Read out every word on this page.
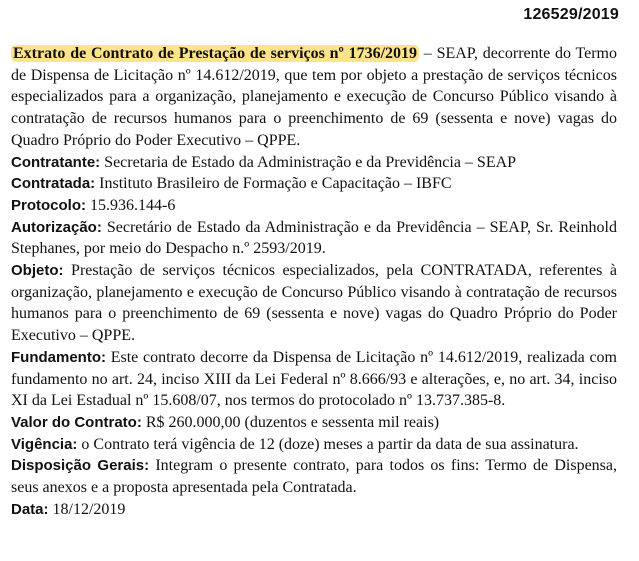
126529/2019

Extrato de Contrato de Prestação de serviços nº 1736/2019 – SEAP, decorrente do Termo de Dispensa de Licitação nº 14.612/2019, que tem por objeto a prestação de serviços técnicos especializados para a organização, planejamento e execução de Concurso Público visando à contratação de recursos humanos para o preenchimento de 69 (sessenta e nove) vagas do Quadro Próprio do Poder Executivo – QPPE.

Contratante: Secretaria de Estado da Administração e da Previdência – SEAP

Contratada: Instituto Brasileiro de Formação e Capacitação – IBFC

Protocolo: 15.936.144-6

Autorização: Secretário de Estado da Administração e da Previdência – SEAP, Sr. Reinhold Stephanes, por meio do Despacho n.º 2593/2019.

Objeto: Prestação de serviços técnicos especializados, pela CONTRATADA, referentes à organização, planejamento e execução de Concurso Público visando à contratação de recursos humanos para o preenchimento de 69 (sessenta e nove) vagas do Quadro Próprio do Poder Executivo – QPPE.

Fundamento: Este contrato decorre da Dispensa de Licitação nº 14.612/2019, realizada com fundamento no art. 24, inciso XIII da Lei Federal nº 8.666/93 e alterações, e, no art. 34, inciso XI da Lei Estadual nº 15.608/07, nos termos do protocolado nº 13.737.385-8.

Valor do Contrato: R$ 260.000,00 (duzentos e sessenta mil reais)

Vigência: o Contrato terá vigência de 12 (doze) meses a partir da data de sua assinatura.

Disposição Gerais: Integram o presente contrato, para todos os fins: Termo de Dispensa, seus anexos e a proposta apresentada pela Contratada.

Data: 18/12/2019
